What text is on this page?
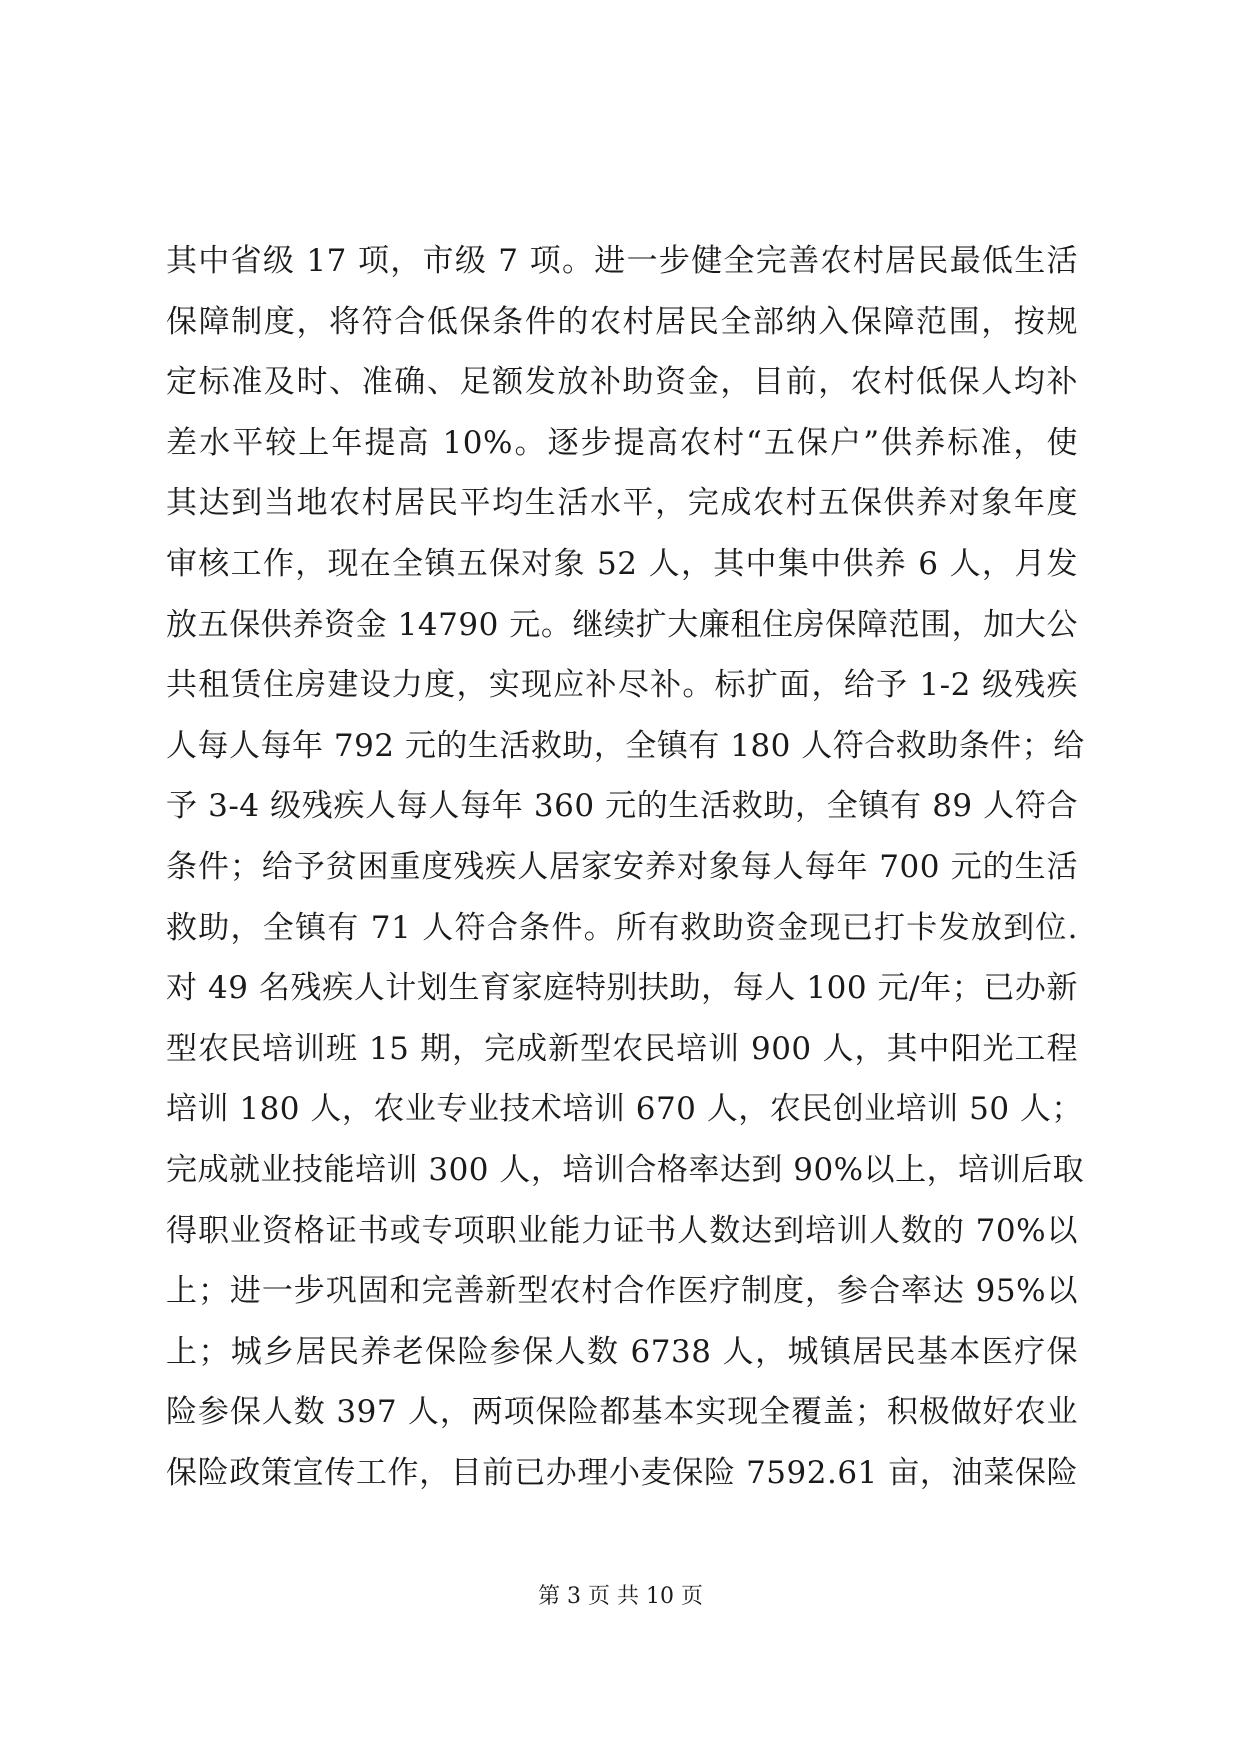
其中省级 17 项，市级 7 项。进一步健全完善农村居民最低生活
保障制度，将符合低保条件的农村居民全部纳入保障范围，按规
定标准及时、准确、足额发放补助资金，目前，农村低保人均补
差水平较上年提高 10%。逐步提高农村“五保户”供养标准，使
其达到当地农村居民平均生活水平，完成农村五保供养对象年度
审核工作，现在全镇五保对象 52 人，其中集中供养 6 人，月发
放五保供养资金 14790 元。继续扩大廉租住房保障范围，加大公
共租赁住房建设力度，实现应补尽补。标扩面，给予 1-2 级残疾
人每人每年 792 元的生活救助，全镇有 180 人符合救助条件；给
予 3-4 级残疾人每人每年 360 元的生活救助，全镇有 89 人符合
条件；给予贫困重度残疾人居家安养对象每人每年 700 元的生活
救助，全镇有 71 人符合条件。所有救助资金现已打卡发放到位.
对 49 名残疾人计划生育家庭特别扶助，每人 100 元/年；已办新
型农民培训班 15 期，完成新型农民培训 900 人，其中阳光工程
培训 180 人，农业专业技术培训 670 人，农民创业培训 50 人；
完成就业技能培训 300 人，培训合格率达到 90%以上，培训后取
得职业资格证书或专项职业能力证书人数达到培训人数的 70%以
上；进一步巩固和完善新型农村合作医疗制度，参合率达 95%以
上；城乡居民养老保险参保人数 6738 人，城镇居民基本医疗保
险参保人数 397 人，两项保险都基本实现全覆盖；积极做好农业
保险政策宣传工作，目前已办理小麦保险 7592.61 亩，油菜保险
第 3 页 共 10 页
